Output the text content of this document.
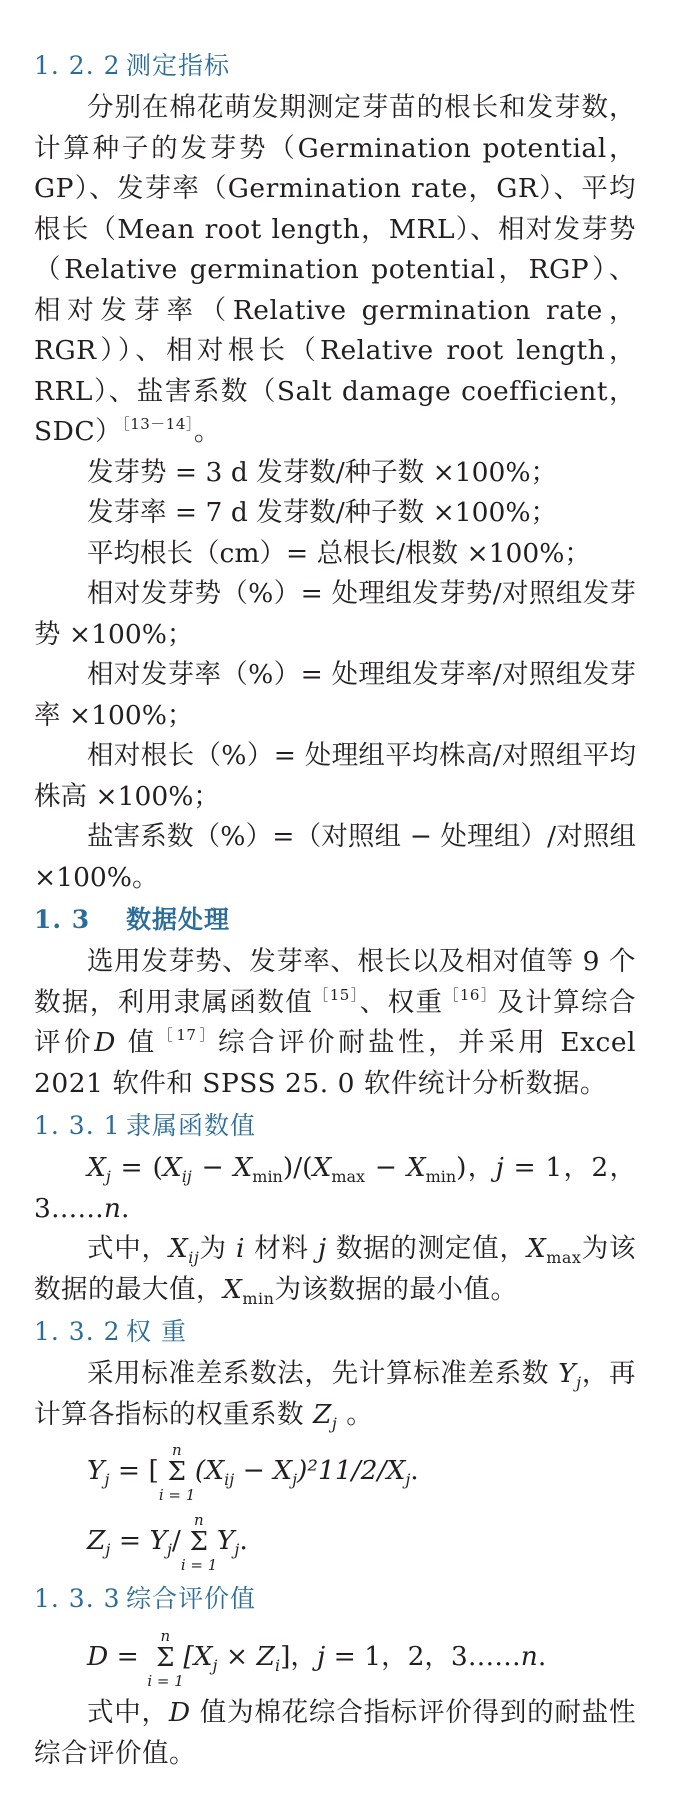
1. 2. 2 测定指标

分别在棉花萌发期测定芽苗的根长和发芽数，计算种子的发芽势（Germination potential，GP）、发芽率（Germination rate，GR）、平均根长（Mean root length，MRL）、相对发芽势（Relative germination potential，RGP）、相对发芽率（Relative germination rate，RGR））、相对根长（Relative root length，RRL）、盐害系数（Salt damage coefficient，SDC）$^{[13-14]}$。

发芽势 = 3 d 发芽数/种子数 ×100%；
发芽率 = 7 d 发芽数/种子数 ×100%；
平均根长（cm）= 总根长/根数 ×100%；
相对发芽势（%）= 处理组发芽势/对照组发芽势 ×100%；
相对发芽率（%）= 处理组发芽率/对照组发芽率 ×100%；
相对根长（%）= 处理组平均株高/对照组平均株高 ×100%；
盐害系数（%）=（对照组 − 处理组）/对照组 ×100%。
1. 3	数据处理

选用发芽势、发芽率、根长以及相对值等 9 个数据，利用隶属函数值$^{[15]}$、权重$^{[16]}$及计算综合评价D 值$^{[17]}$综合评价耐盐性，并采用 Excel 2021 软件和 SPSS 25. 0 软件统计分析数据。

1. 3. 1 隶属函数值

$X_j = (X_{ij} - X_{min})/(X_{max} - X_{min})$，j = 1，2，3……n.

式中，$X_{ij}$为 i 材料 j 数据的测定值，$X_{max}$为该数据的最大值，$X_{min}$为该数据的最小值。

1. 3. 2 权 重

采用标准差系数法，先计算标准差系数 $Y_j$，再计算各指标的权重系数 $Z_j$ 。

$Y_j$ = [
n
Σ
i = 1
$(X_{ij} - X_j)^211/2/X_j$.
$Z_j = Y_j/$
n
Σ
i = 1
$Y_j$.
1. 3. 3 综合评价值
D =
n
Σ
i = 1
$[X_j \times Z_i]$，j = 1，2，3……n.

式中，D 值为棉花综合指标评价得到的耐盐性综合评价值。
